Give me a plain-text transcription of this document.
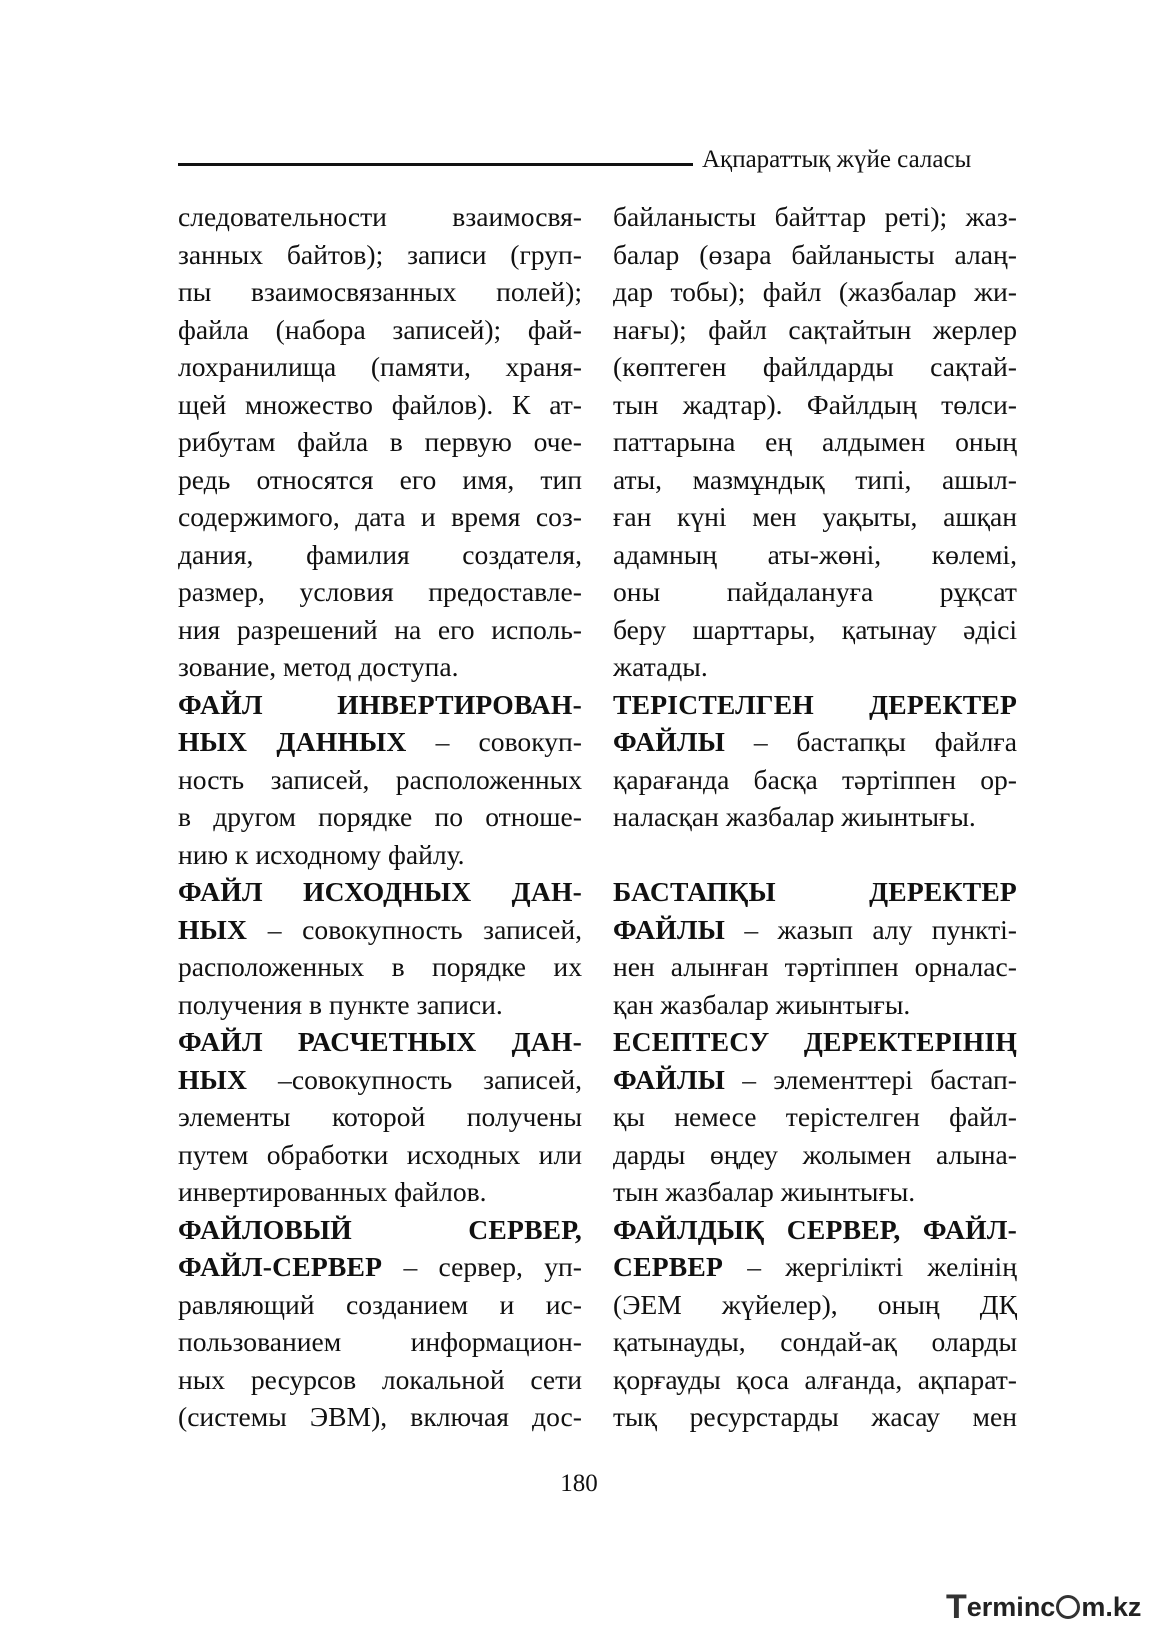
Ақпараттық жүйе саласы
следовательности взаимосвя-
занных байтов); записи (груп-
пы взаимосвязанных полей);
файла (набора записей); фай-
лохранилища (памяти, храня-
щей множество файлов). К ат-
рибутам файла в первую оче-
редь относятся его имя, тип
содержимого, дата и время соз-
дания, фамилия создателя,
размер, условия предоставле-
ния разрешений на его исполь-
зование, метод доступа.
ФАЙЛ ИНВЕРТИРОВАН-
НЫХ ДАННЫХ – совокуп-
ность записей, расположенных
в другом порядке по отноше-
нию к исходному файлу.
ФАЙЛ ИСХОДНЫХ ДАН-
НЫХ – совокупность записей,
расположенных в порядке их
получения в пункте записи.
ФАЙЛ РАСЧЕТНЫХ ДАН-
НЫХ –совокупность записей,
элементы которой получены
путем обработки исходных или
инвертированных файлов.
ФАЙЛОВЫЙ СЕРВЕР,
ФАЙЛ-СЕРВЕР – сервер, уп-
равляющий созданием и ис-
пользованием информацион-
ных ресурсов локальной сети
(системы ЭВМ), включая дос-
байланысты байттар реті); жаз-
балар (өзара байланысты алаң-
дар тобы); файл (жазбалар жи-
нағы); файл сақтайтын жерлер
(көптеген файлдарды сақтай-
тын жадтар). Файлдың төлси-
паттарына ең алдымен оның
аты, мазмұндық типі, ашыл-
ған күні мен уақыты, ашқан
адамның аты-жөні, көлемі,
оны пайдалануға рұқсат
беру шарттары, қатынау әдісі
жатады.
ТЕРІСТЕЛГЕН ДЕРЕКТЕР
ФАЙЛЫ – бастапқы файлға
қарағанда басқа тәртіппен ор-
наласқан жазбалар жиынтығы.
БАСТАПҚЫ ДЕРЕКТЕР
ФАЙЛЫ – жазып алу пункті-
нен алынған тәртіппен орналас-
қан жазбалар жиынтығы.
ЕСЕПТЕСУ ДЕРЕКТЕРІНІҢ
ФАЙЛЫ – элементтері бастап-
қы немесе терістелген файл-
дарды өңдеу жолымен алына-
тын жазбалар жиынтығы.
ФАЙЛДЫҚ СЕРВЕР, ФАЙЛ-
СЕРВЕР – жергілікті желінің
(ЭЕМ жүйелер), оның ДҚ
қатынауды, сондай-ақ оларды
қорғауды қоса алғанда, ақпарат-
тық ресурстарды жасау мен
180
Terminc m.kz
